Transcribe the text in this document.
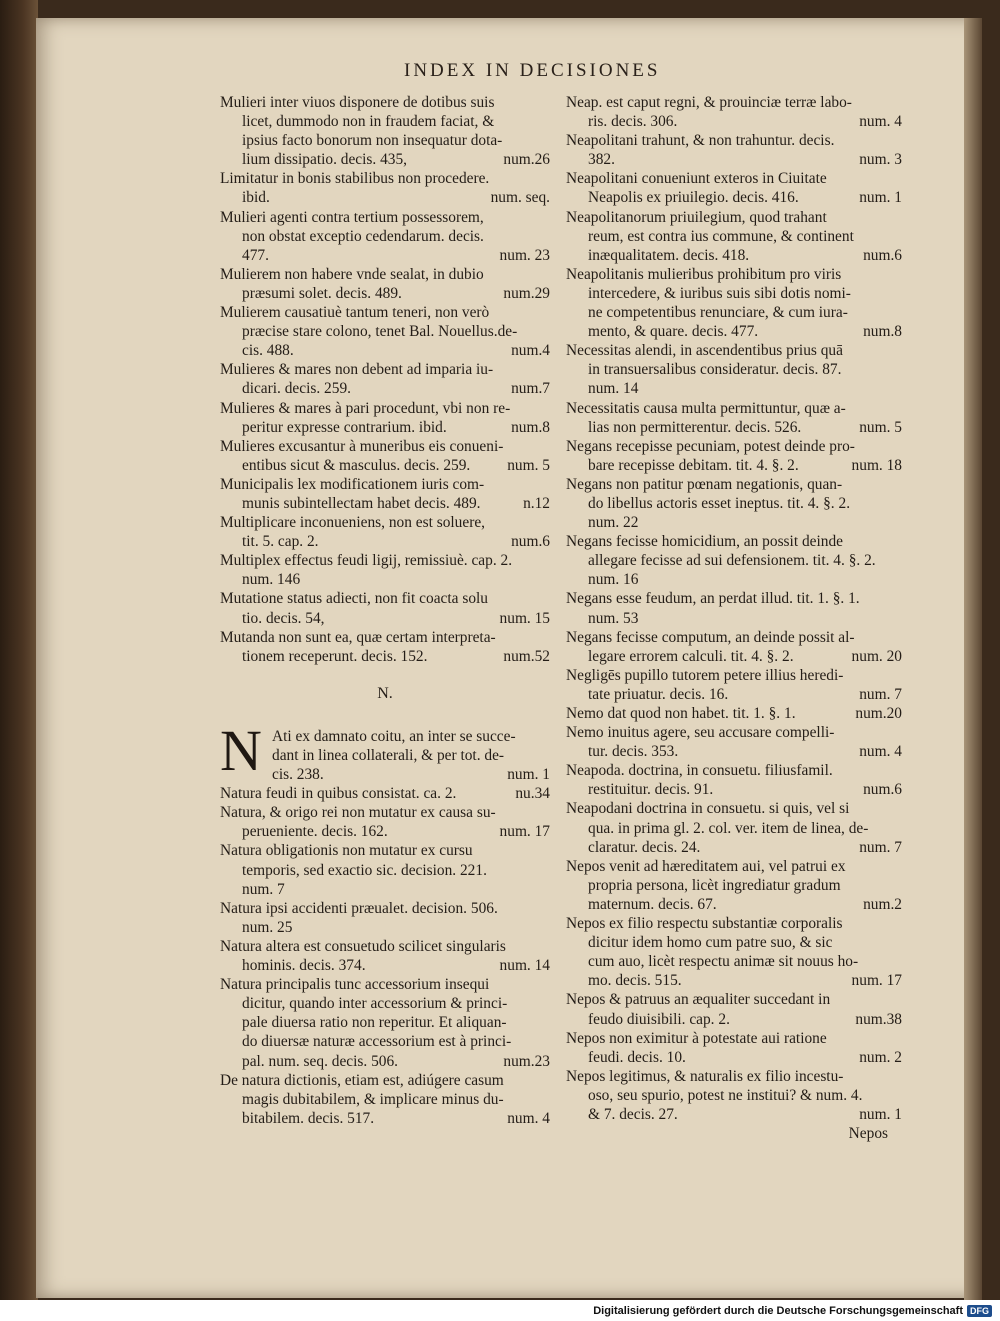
INDEX IN DECISIONES
Mulieri inter viuos disponere de dotibus suis
licet, dummodo non in fraudem faciat, &
ipsius facto bonorum non insequatur dota-
lium dissipatio. decis. 435,	num.26
Limitatur in bonis stabilibus non procedere.
ibid.	num. seq.
Mulieri agenti contra tertium possessorem,
non obstat exceptio cedendarum. decis.
477.	num. 23
Mulierem non habere vnde sealat, in dubio
præsumi solet. decis. 489.	num.29
Mulierem causatiuè tantum teneri, non verò
præcise stare colono, tenet Bal. Nouellus.de-
cis. 488.	num.4
Mulieres & mares non debent ad imparia iu-
dicari. decis. 259.	num.7
Mulieres & mares à pari procedunt, vbi non re-
peritur expresse contrarium. ibid.	num.8
Mulieres excusantur à muneribus eis conueni-
entibus sicut & masculus. decis. 259. num. 5
Municipalis lex modificationem iuris com-
munis subintellectam habet decis. 489.	n.12
Multiplicare inconueniens, non est soluere,
tit. 5. cap. 2.	num.6
Multiplex effectus feudi ligij, remissiuè. cap. 2.
num. 146
Mutatione status adiecti, non fit coacta solu
tio. decis. 54,	num. 15
Mutanda non sunt ea, quæ certam interpreta-
tionem receperunt. decis. 152.	num.52
N.
N Ati ex damnato coitu, an inter se succe-
dant in linea collaterali, & per tot. de-
cis. 238.	num. 1
Natura feudi in quibus consistat. ca. 2.	nu.34
Natura, & origo rei non mutatur ex causa su-
perueniente. decis. 162.	num. 17
Natura obligationis non mutatur ex cursu
temporis, sed exactio sic. decision. 221.
num. 7
Natura ipsi accidenti præualet. decision. 506.
num. 25
Natura altera est consuetudo scilicet singularis
hominis. decis. 374.	num. 14
Natura principalis tunc accessorium insequi
dicitur, quando inter accessorium & princi-
pale diuersa ratio non reperitur. Et aliquan-
do diuersæ naturæ accessorium est à princi-
pal. num. seq. decis. 506.	num.23
De natura dictionis, etiam est, adiúgere casum
magis dubitabilem, & implicare minus du-
bitabilem. decis. 517.	num. 4
Neap. est caput regni, & prouinciæ terræ labo-
ris. decis. 306.	num. 4
Neapolitani trahunt, & non trahuntur. decis.
382.	num. 3
Neapolitani conueniunt exteros in Ciuitate
Neapolis ex priuilegio. decis. 416.	num. 1
Neapolitanorum priuilegium, quod trahant
reum, est contra ius commune, & continent
inæqualitatem. decis. 418.	num.6
Neapolitanis mulieribus prohibitum pro viris
intercedere, & iuribus suis sibi dotis nomi-
ne competentibus renunciare, & cum iura-
mento, & quare. decis. 477.	num.8
Necessitas alendi, in ascendentibus prius quā
in transuersalibus consideratur. decis. 87.
num. 14
Necessitatis causa multa permittuntur, quæ a-
lias non permitterentur. decis. 526.	num. 5
Negans recepisse pecuniam, potest deinde pro-
bare recepisse debitam. tit. 4. §. 2.	num. 18
Negans non patitur pœnam negationis, quan-
do libellus actoris esset ineptus. tit. 4. §. 2.
num. 22
Negans fecisse homicidium, an possit deinde
allegare fecisse ad sui defensionem. tit. 4. §. 2.
num. 16
Negans esse feudum, an perdat illud. tit. 1. §. 1.
num. 53
Negans fecisse computum, an deinde possit al-
legare errorem calculi. tit. 4. §. 2.	num. 20
Negligēs pupillo tutorem petere illius heredi-
tate priuatur. decis. 16.	num. 7
Nemo dat quod non habet. tit. 1. §. 1.	num.20
Nemo inuitus agere, seu accusare compelli-
tur. decis. 353.	num. 4
Neapoda. doctrina, in consuetu. filiusfamil.
restituitur. decis. 91.	num.6
Neapodani doctrina in consuetu. si quis, vel si
qua. in prima gl. 2. col. ver. item de linea, de-
claratur. decis. 24.	num. 7
Nepos venit ad hæreditatem aui, vel patrui ex
propria persona, licèt ingrediatur gradum
maternum. decis. 67.	num.2
Nepos ex filio respectu substantiæ corporalis
dicitur idem homo cum patre suo, & sic
cum auo, licèt respectu animæ sit nouus ho-
mo. decis. 515.	num. 17
Nepos & patruus an æqualiter succedant in
feudo diuisibili. cap. 2.	num.38
Nepos non eximitur à potestate aui ratione
feudi. decis. 10.	num. 2
Nepos legitimus, & naturalis ex filio incestu-
oso, seu spurio, potest ne institui? & num. 4.
& 7. decis. 27.	num. 1
Nepos
Digitalisierung gefördert durch die Deutsche Forschungsgemeinschaft DFG
